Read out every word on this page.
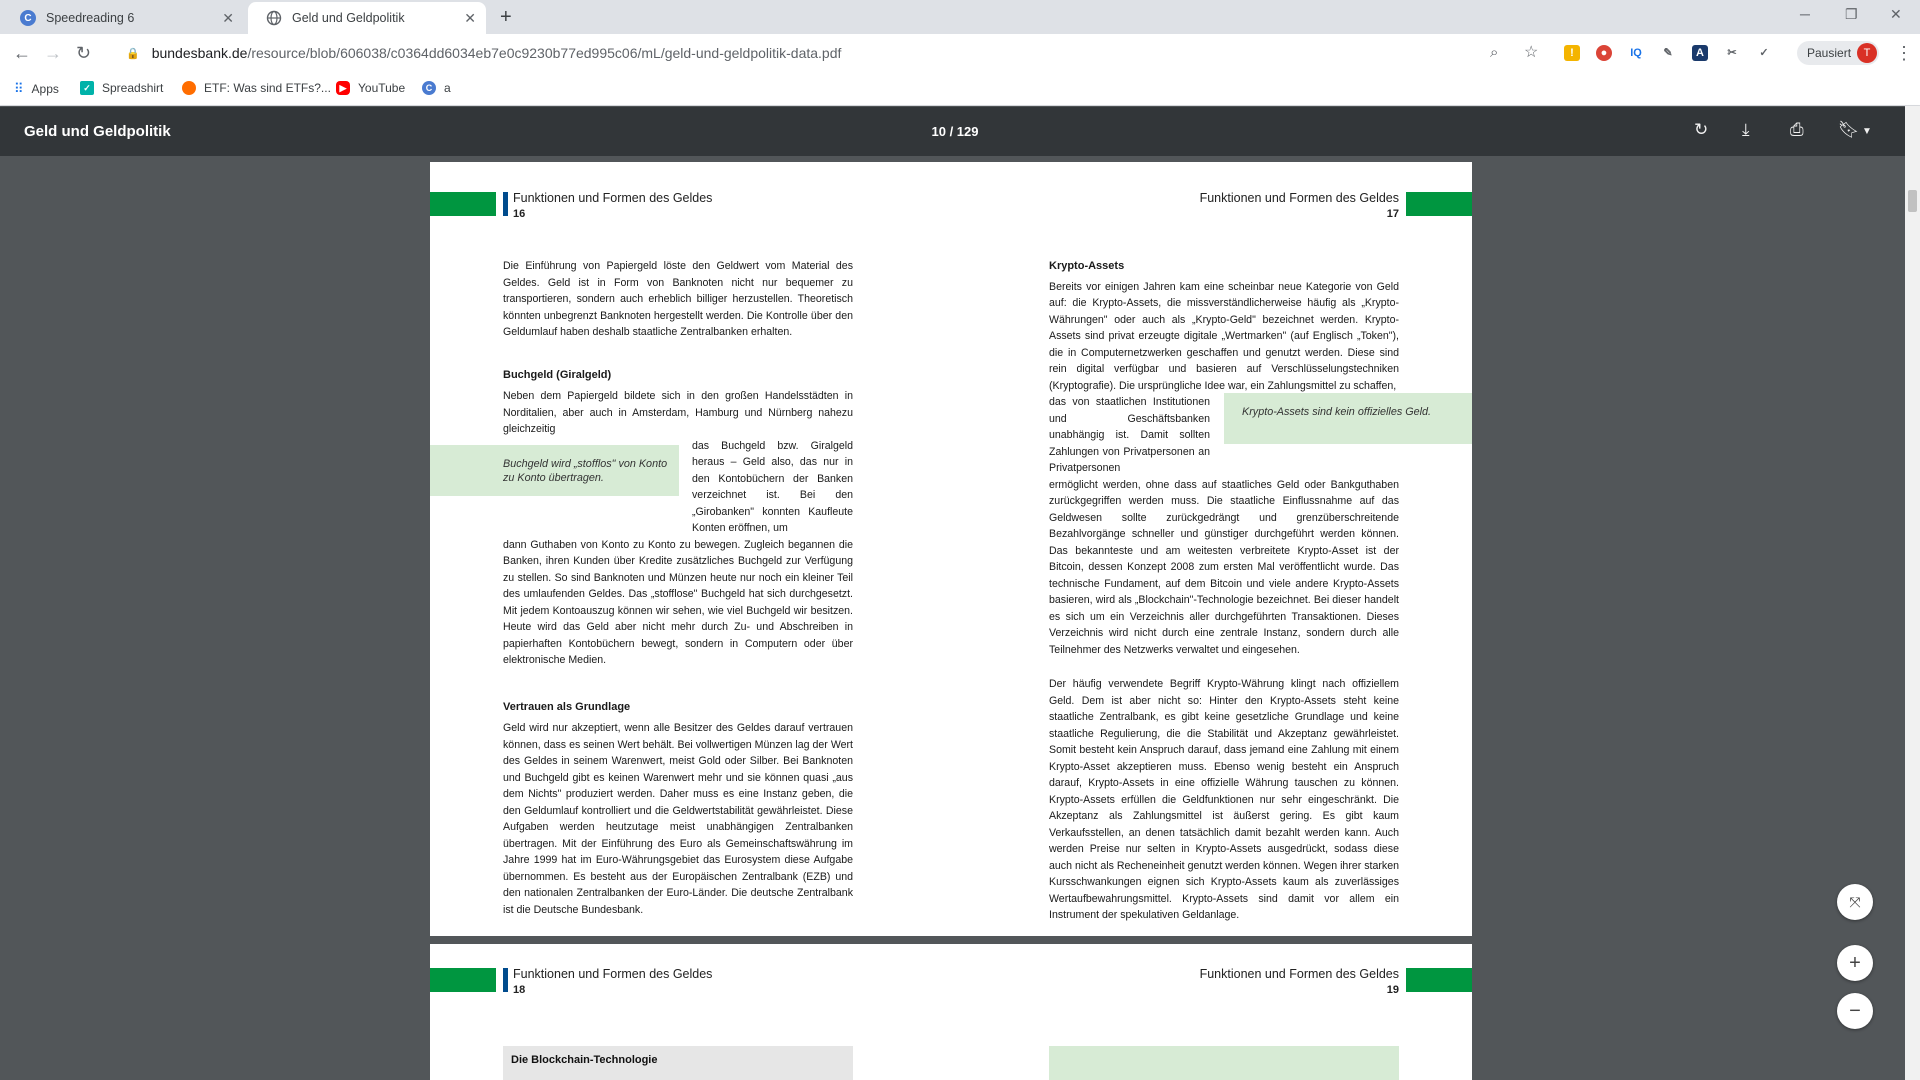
C	Speedreading 6	✕	Geld und Geldpolitik	✕ +	─	❐ ✕
← → ↻	🔒 bundesbank.de /resource/blob/606038/c0364dd6034eb7e0c9230b77ed995c06/mL/geld-und-geldpolitik-data.pdf	⌕ ☆	!	●	IQ	✎	A	✂	✓	Pausiert	T	⋮
⠿ Apps	✓ Spreadshirt	ETF: Was sind ETFs?... ▶ YouTube	C a
Geld und Geldpolitik	10 / 129	↻ ⤓ ⎙ 🔖︎ ▼
Funktionen und Formen des Geldes
16
Funktionen und Formen des Geldes
17

Die Einführung von Papiergeld löste den Geldwert vom Material des Geldes. Geld ist in Form von Banknoten nicht nur bequemer zu transportieren, sondern auch erheblich billiger herzustellen. Theoretisch könnten unbegrenzt Banknoten hergestellt werden. Die Kontrolle über den Geldumlauf haben deshalb staatliche Zentralbanken erhalten.

Buchgeld (Giralgeld)
Neben dem Papiergeld bildete sich in den großen Handelsstädten in Norditalien, aber auch in Amsterdam, Hamburg und Nürnberg nahezu gleichzeitig
das Buchgeld bzw. Giralgeld heraus – Geld also, das nur in den Kontobüchern der Banken verzeichnet ist. Bei den „Girobanken" konnten Kaufleute Konten eröffnen, um

dann Guthaben von Konto zu Konto zu bewegen. Zugleich begannen die Banken, ihren Kunden über Kredite zusätzliches Buchgeld zur Verfügung zu stellen. So sind Banknoten und Münzen heute nur noch ein kleiner Teil des umlaufenden Geldes. Das „stofflose" Buchgeld hat sich durchgesetzt. Mit jedem Kontoauszug können wir sehen, wie viel Buchgeld wir besitzen. Heute wird das Geld aber nicht mehr durch Zu- und Abschreiben in papierhaften Kontobüchern bewegt, sondern in Computern oder über elektronische Medien.

Vertrauen als Grundlage

Geld wird nur akzeptiert, wenn alle Besitzer des Geldes darauf vertrauen können, dass es seinen Wert behält. Bei vollwertigen Münzen lag der Wert des Geldes in seinem Warenwert, meist Gold oder Silber. Bei Banknoten und Buchgeld gibt es keinen Warenwert mehr und sie können quasi „aus dem Nichts" produziert werden. Daher muss es eine Instanz geben, die den Geldumlauf kontrolliert und die Geldwertstabilität gewährleistet. Diese Aufgaben werden heutzutage meist unabhängigen Zentralbanken übertragen. Mit der Einführung des Euro als Gemeinschaftswährung im Jahre 1999 hat im Euro-Währungsgebiet das Eurosystem diese Aufgabe übernommen. Es besteht aus der Europäischen Zentralbank (EZB) und den nationalen Zentralbanken der Euro-Länder. Die deutsche Zentralbank ist die Deutsche Bundesbank.

Buchgeld wird „stofflos" von Konto zu Konto übertragen.
Krypto-Assets
Bereits vor einigen Jahren kam eine scheinbar neue Kategorie von Geld auf: die Krypto-Assets, die missverständlicherweise häufig als „Krypto-Währungen" oder auch als „Krypto-Geld" bezeichnet werden. Krypto-Assets sind privat erzeugte digitale „Wertmarken" (auf Englisch „Token"), die in Computernetzwerken geschaffen und genutzt werden. Diese sind rein digital verfügbar und basieren auf Verschlüsselungstechniken (Kryptografie). Die ursprüngliche Idee war, ein Zahlungsmittel zu schaffen,
das von staatlichen Institutionen und Geschäftsbanken unabhängig ist. Damit sollten Zahlungen von Privatpersonen an Privatpersonen

ermöglicht werden, ohne dass auf staatliches Geld oder Bankguthaben zurückgegriffen werden muss. Die staatliche Einflussnahme auf das Geldwesen sollte zurückgedrängt und grenzüberschreitende Bezahlvorgänge schneller und günstiger durchgeführt werden können. Das bekannteste und am weitesten verbreitete Krypto-Asset ist der Bitcoin, dessen Konzept 2008 zum ersten Mal veröffentlicht wurde. Das technische Fundament, auf dem Bitcoin und viele andere Krypto-Assets basieren, wird als „Blockchain"-Technologie bezeichnet. Bei dieser handelt es sich um ein Verzeichnis aller durchgeführten Transaktionen. Dieses Verzeichnis wird nicht durch eine zentrale Instanz, sondern durch alle Teilnehmer des Netzwerks verwaltet und eingesehen.

Der häufig verwendete Begriff Krypto-Währung klingt nach offiziellem Geld. Dem ist aber nicht so: Hinter den Krypto-Assets steht keine staatliche Zentralbank, es gibt keine gesetzliche Grundlage und keine staatliche Regulierung, die die Stabilität und Akzeptanz gewährleistet. Somit besteht kein Anspruch darauf, dass jemand eine Zahlung mit einem Krypto-Asset akzeptieren muss. Ebenso wenig besteht ein Anspruch darauf, Krypto-Assets in eine offizielle Währung tauschen zu können. Krypto-Assets erfüllen die Geldfunktionen nur sehr eingeschränkt. Die Akzeptanz als Zahlungsmittel ist äußerst gering. Es gibt kaum Verkaufsstellen, an denen tatsächlich damit bezahlt werden kann. Auch werden Preise nur selten in Krypto-Assets ausgedrückt, sodass diese auch nicht als Recheneinheit genutzt werden können. Wegen ihrer starken Kursschwankungen eignen sich Krypto-Assets kaum als zuverlässiges Wertaufbewahrungsmittel. Krypto-Assets sind damit vor allem ein Instrument der spekulativen Geldanlage.

Krypto-Assets sind kein offizielles Geld.
Funktionen und Formen des Geldes
18
Funktionen und Formen des Geldes
19
Die Blockchain-Technologie
⤧
+
−
